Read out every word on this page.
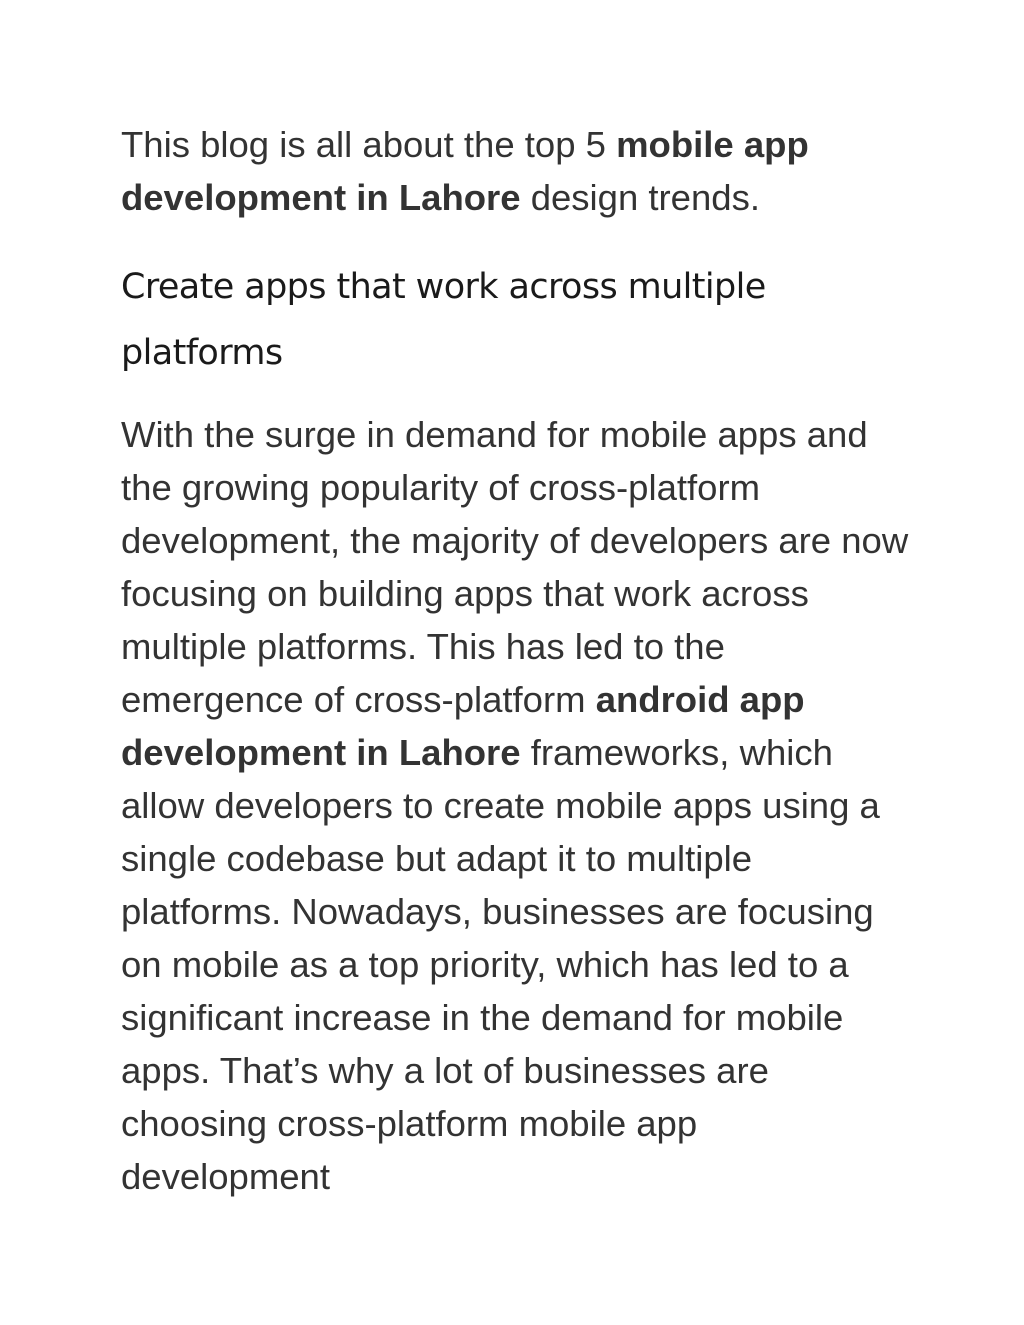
This blog is all about the top 5 mobile app development in Lahore design trends.

Create apps that work across multiple platforms

With the surge in demand for mobile apps and the growing popularity of cross-platform development, the majority of developers are now focusing on building apps that work across multiple platforms. This has led to the emergence of cross-platform android app development in Lahore frameworks, which allow developers to create mobile apps using a single codebase but adapt it to multiple platforms. Nowadays, businesses are focusing on mobile as a top priority, which has led to a significant increase in the demand for mobile apps. That’s why a lot of businesses are choosing cross-platform mobile app development
